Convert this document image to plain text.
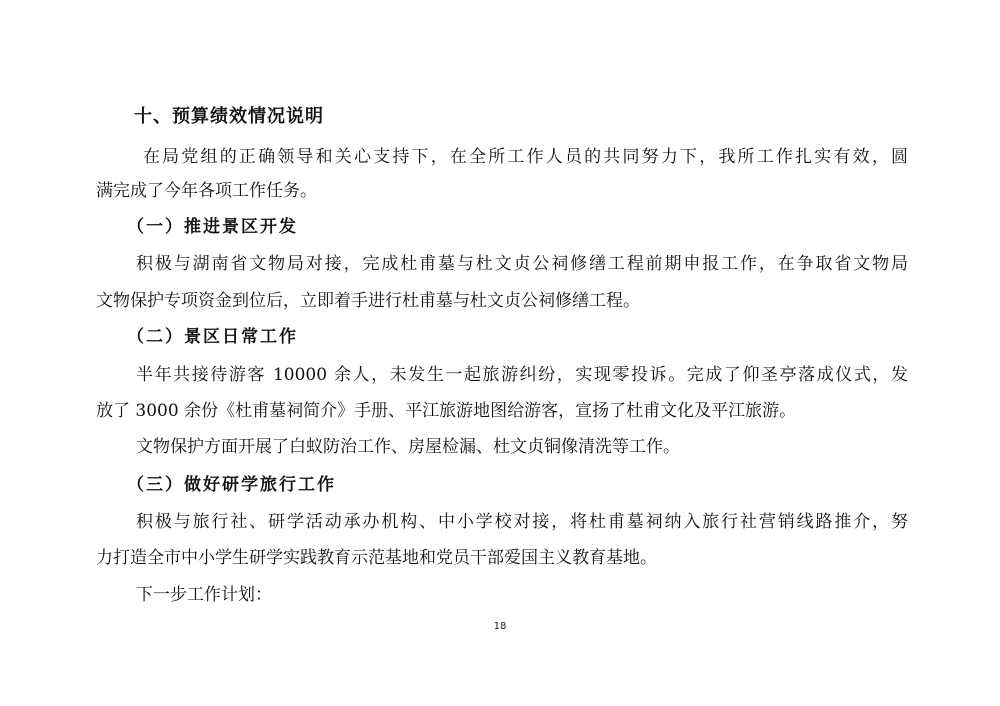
十、预算绩效情况说明
在局党组的正确领导和关心支持下，在全所工作人员的共同努力下，我所工作扎实有效，圆
满完成了今年各项工作任务。
（一）推进景区开发
积极与湖南省文物局对接，完成杜甫墓与杜文贞公祠修缮工程前期申报工作，在争取省文物局
文物保护专项资金到位后，立即着手进行杜甫墓与杜文贞公祠修缮工程。
（二）景区日常工作
半年共接待游客 10000 余人，未发生一起旅游纠纷，实现零投诉。完成了仰圣亭落成仪式，发
放了 3000 余份《杜甫墓祠简介》手册、平江旅游地图给游客，宣扬了杜甫文化及平江旅游。
文物保护方面开展了白蚁防治工作、房屋检漏、杜文贞铜像清洗等工作。
（三）做好研学旅行工作
积极与旅行社、研学活动承办机构、中小学校对接，将杜甫墓祠纳入旅行社营销线路推介，努
力打造全市中小学生研学实践教育示范基地和党员干部爱国主义教育基地。
下一步工作计划：
18
